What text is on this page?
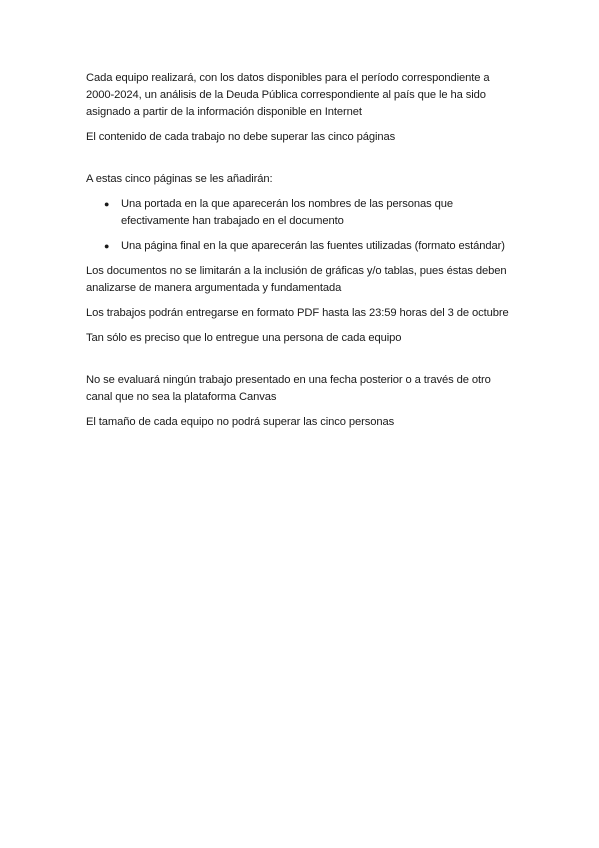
Cada equipo realizará, con los datos disponibles para el período correspondiente a 2000-2024, un análisis de la Deuda Pública correspondiente al país que le ha sido asignado a partir de la información disponible en Internet

El contenido de cada trabajo no debe superar las cinco páginas

A estas cinco páginas se les añadirán:

● Una portada en la que aparecerán los nombres de las personas que efectivamente han trabajado en el documento
● Una página final en la que aparecerán las fuentes utilizadas (formato estándar)

Los documentos no se limitarán a la inclusión de gráficas y/o tablas, pues éstas deben analizarse de manera argumentada y fundamentada

Los trabajos podrán entregarse en formato PDF hasta las 23:59 horas del 3 de octubre

Tan sólo es preciso que lo entregue una persona de cada equipo

No se evaluará ningún trabajo presentado en una fecha posterior o a través de otro canal que no sea la plataforma Canvas

El tamaño de cada equipo no podrá superar las cinco personas
